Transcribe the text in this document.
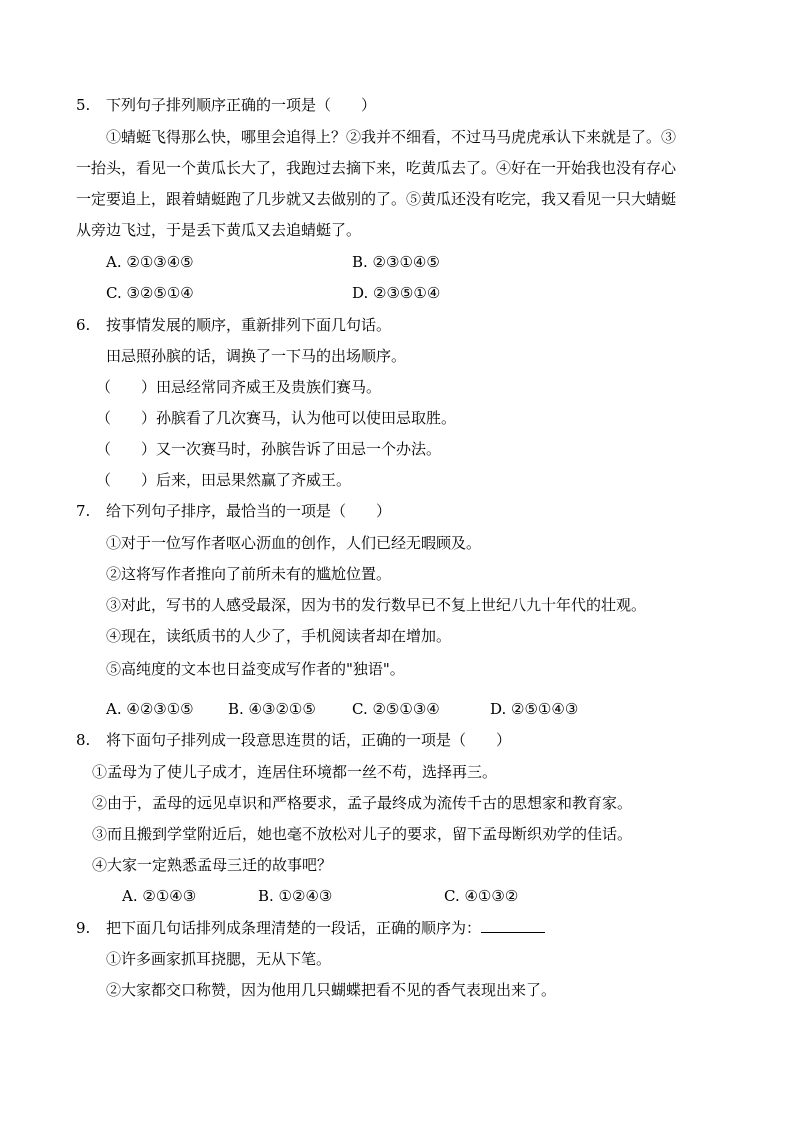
5. 下列句子排列顺序正确的一项是（　　）
①蜻蜓飞得那么快，哪里会追得上？②我并不细看，不过马马虎虎承认下来就是了。③
一抬头，看见一个黄瓜长大了，我跑过去摘下来，吃黄瓜去了。④好在一开始我也没有存心
一定要追上，跟着蜻蜓跑了几步就又去做别的了。⑤黄瓜还没有吃完，我又看见一只大蜻蜓
从旁边飞过，于是丢下黄瓜又去追蜻蜓了。
A. ②①③④⑤	B. ②③①④⑤
C. ③②⑤①④	D. ②③⑤①④
6. 按事情发展的顺序，重新排列下面几句话。
田忌照孙膑的话，调换了一下马的出场顺序。
（　　）田忌经常同齐威王及贵族们赛马。
（　　）孙膑看了几次赛马，认为他可以使田忌取胜。
（　　）又一次赛马时，孙膑告诉了田忌一个办法。
（　　）后来，田忌果然赢了齐威王。
7. 给下列句子排序，最恰当的一项是（　　）
①对于一位写作者呕心沥血的创作，人们已经无暇顾及。
②这将写作者推向了前所未有的尴尬位置。
③对此，写书的人感受最深，因为书的发行数早已不复上世纪八九十年代的壮观。
④现在，读纸质书的人少了，手机阅读者却在增加。
⑤高纯度的文本也日益变成写作者的"独语"。
A. ④②③①⑤ B. ④③②①⑤ C. ②⑤①③④	D. ②⑤①④③
8. 将下面句子排列成一段意思连贯的话，正确的一项是（　　）
①孟母为了使儿子成才，连居住环境都一丝不苟，选择再三。
②由于，孟母的远见卓识和严格要求，孟子最终成为流传千古的思想家和教育家。
③而且搬到学堂附近后，她也毫不放松对儿子的要求，留下孟母断织劝学的佳话。
④大家一定熟悉孟母三迁的故事吧？
A. ②①④③	B. ①②④③	C. ④①③②
9. 把下面几句话排列成条理清楚的一段话，正确的顺序为：
①许多画家抓耳挠腮，无从下笔。
②大家都交口称赞，因为他用几只蝴蝶把看不见的香气表现出来了。
